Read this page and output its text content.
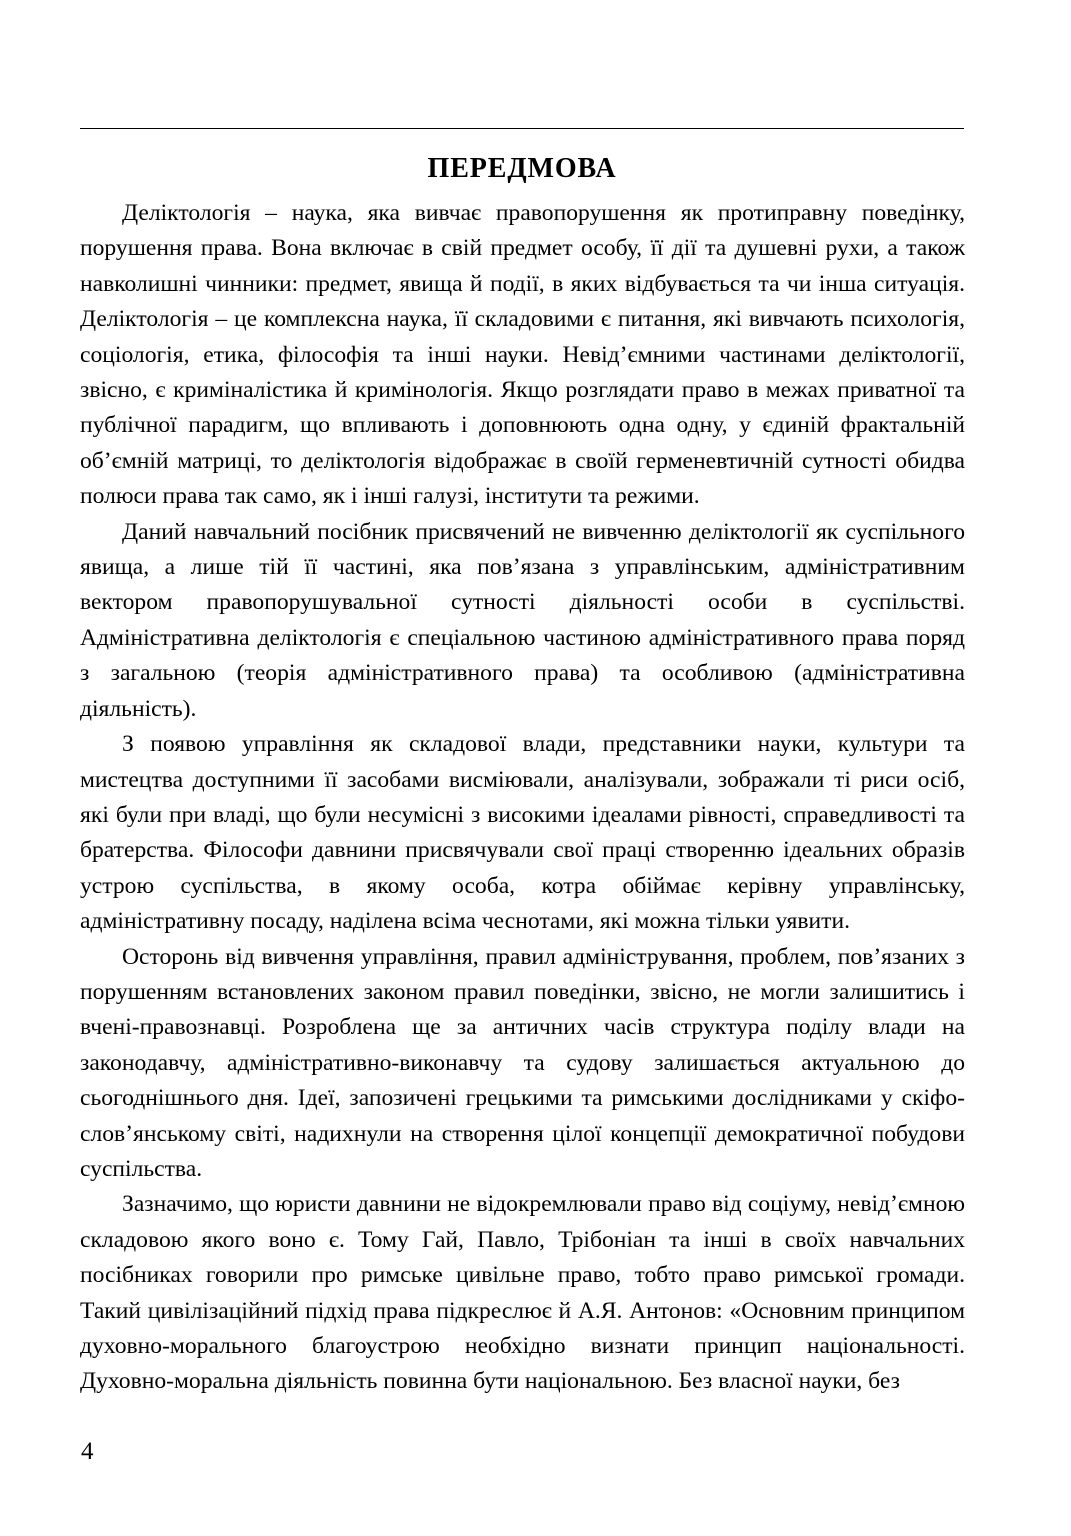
ПЕРЕДМОВА

Деліктологія – наука, яка вивчає правопорушення як протиправну поведінку, порушення права. Вона включає в свій предмет особу, її дії та душевні рухи, а також навколишні чинники: предмет, явища й події, в яких відбувається та чи інша ситуація. Деліктологія – це комплексна наука, її складовими є питання, які вивчають психологія, соціологія, етика, філософія та інші науки. Невід’ємними частинами деліктології, звісно, є криміналістика й кримінологія. Якщо розглядати право в межах приватної та публічної парадигм, що впливають і доповнюють одна одну, у єдиній фрактальній об’ємній матриці, то деліктологія відображає в своїй герменевтичній сутності обидва полюси права так само, як і інші галузі, інститути та режими.

Даний навчальний посібник присвячений не вивченню деліктології як суспільного явища, а лише тій її частині, яка пов’язана з управлінським, адміністративним вектором правопорушувальної сутності діяльності особи в суспільстві. Адміністративна деліктологія є спеціальною частиною адміністративного права поряд з загальною (теорія адміністративного права) та особливою (адміністративна діяльність).

З появою управління як складової влади, представники науки, культури та мистецтва доступними її засобами висміювали, аналізували, зображали ті риси осіб, які були при владі, що були несумісні з високими ідеалами рівності, справедливості та братерства. Філософи давнини присвячували свої праці створенню ідеальних образів устрою суспільства, в якому особа, котра обіймає керівну управлінську, адміністративну посаду, наділена всіма чеснотами, які можна тільки уявити.

Осторонь від вивчення управління, правил адміністрування, проблем, пов’язаних з порушенням встановлених законом правил поведінки, звісно, не могли залишитись і вчені-правознавці. Розроблена ще за античних часів структура поділу влади на законодавчу, адміністративно-виконавчу та судову залишається актуальною до сьогоднішнього дня. Ідеї, запозичені грецькими та римськими дослідниками у скіфо-слов’янському світі, надихнули на створення цілої концепції демократичної побудови суспільства.

Зазначимо, що юристи давнини не відокремлювали право від соціуму, невід’ємною складовою якого воно є. Тому Гай, Павло, Трібоніан та інші в своїх навчальних посібниках говорили про римське цивільне право, тобто право римської громади. Такий цивілізаційний підхід права підкреслює й А.Я. Антонов: «Основним принципом духовно-морального благоустрою необхідно визнати принцип національності. Духовно-моральна діяльність повинна бути національною. Без власної науки, без

4
